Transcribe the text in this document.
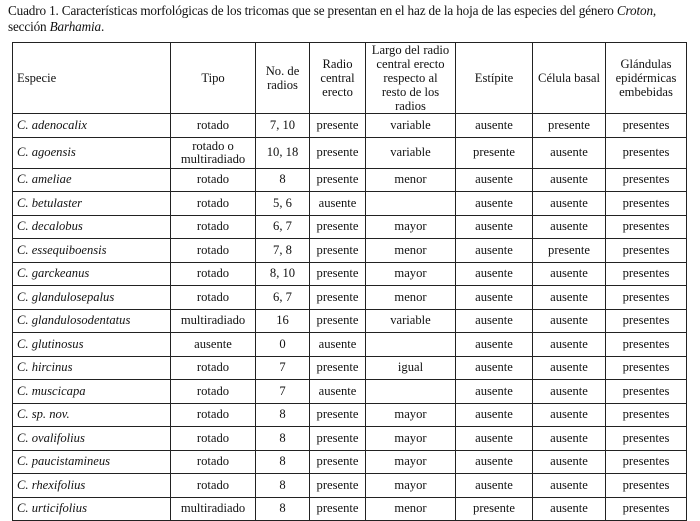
Cuadro 1. Características morfológicas de los tricomas que se presentan en el haz de la hoja de las especies del género Croton, sección Barhamia.
Especie	Tipo	No. de radios	Radio central erecto	Largo del radio central erecto respecto al resto de los radios	Estípite	Célula basal	Glándulas epidérmicas embebidas
C. adenocalix	rotado	7, 10	presente	variable	ausente	presente	presentes
C. agoensis	rotado o multiradiado	10, 18	presente	variable	presente	ausente	presentes
C. ameliae	rotado	8	presente	menor	ausente	ausente	presentes
C. betulaster	rotado	5, 6	ausente		ausente	ausente	presentes
C. decalobus	rotado	6, 7	presente	mayor	ausente	ausente	presentes
C. essequiboensis	rotado	7, 8	presente	menor	ausente	presente	presentes
C. garckeanus	rotado	8, 10	presente	mayor	ausente	ausente	presentes
C. glandulosepalus	rotado	6, 7	presente	menor	ausente	ausente	presentes
C. glandulosodentatus	multiradiado	16	presente	variable	ausente	ausente	presentes
C. glutinosus	ausente	0	ausente		ausente	ausente	presentes
C. hircinus	rotado	7	presente	igual	ausente	ausente	presentes
C. muscicapa	rotado	7	ausente		ausente	ausente	presentes
C. sp. nov.	rotado	8	presente	mayor	ausente	ausente	presentes
C. ovalifolius	rotado	8	presente	mayor	ausente	ausente	presentes
C. paucistamineus	rotado	8	presente	mayor	ausente	ausente	presentes
C. rhexifolius	rotado	8	presente	mayor	ausente	ausente	presentes
C. urticifolius	multiradiado	8	presente	menor	presente	ausente	presentes
